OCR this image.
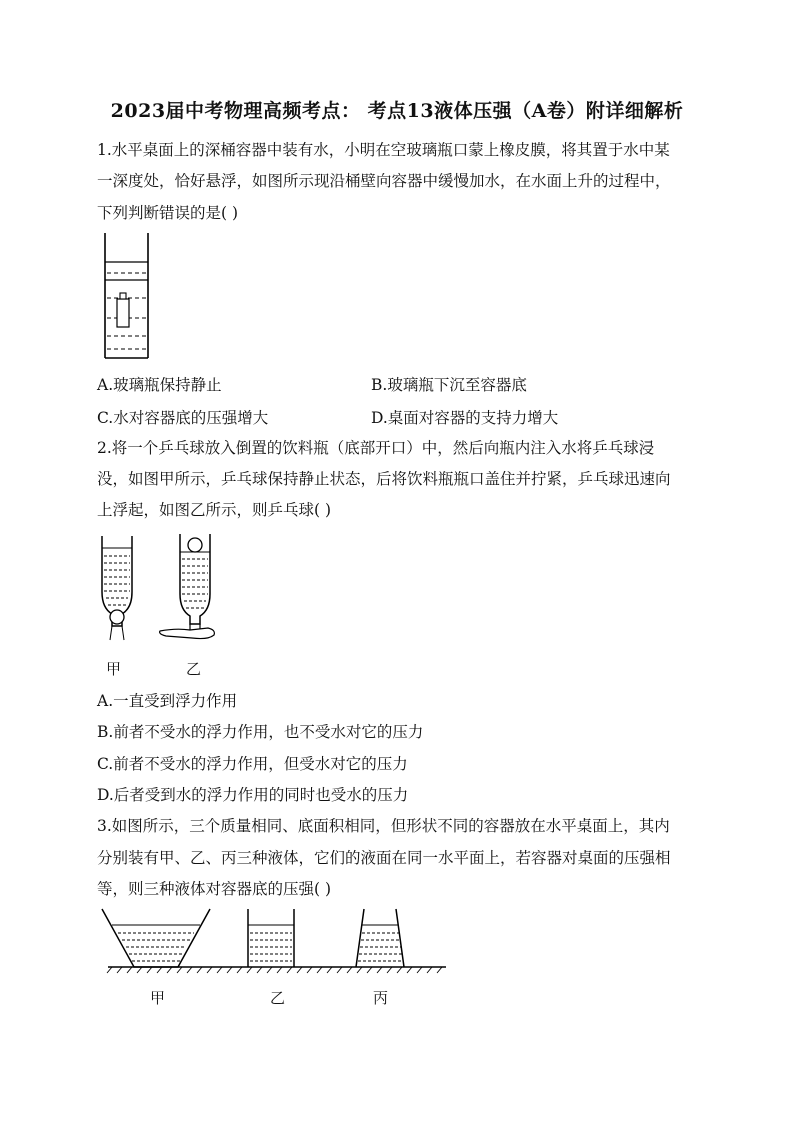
2023届中考物理高频考点： 考点13液体压强（A卷）附详细解析
1.水平桌面上的深桶容器中装有水，小明在空玻璃瓶口蒙上橡皮膜，将其置于水中某
一深度处，恰好悬浮，如图所示现沿桶壁向容器中缓慢加水，在水面上升的过程中，
下列判断错误的是( )
A.玻璃瓶保持静止	B.玻璃瓶下沉至容器底
C.水对容器底的压强增大	D.桌面对容器的支持力增大
2.将一个乒乓球放入倒置的饮料瓶（底部开口）中，然后向瓶内注入水将乒乓球浸
没，如图甲所示，乒乓球保持静止状态，后将饮料瓶瓶口盖住并拧紧，乒乓球迅速向
上浮起，如图乙所示，则乒乓球( )
甲	乙
A.一直受到浮力作用
B.前者不受水的浮力作用，也不受水对它的压力
C.前者不受水的浮力作用，但受水对它的压力
D.后者受到水的浮力作用的同时也受水的压力
3.如图所示，三个质量相同、底面积相同，但形状不同的容器放在水平桌面上，其内
分别装有甲、乙、丙三种液体，它们的液面在同一水平面上，若容器对桌面的压强相
等，则三种液体对容器底的压强( )
甲	乙	丙
